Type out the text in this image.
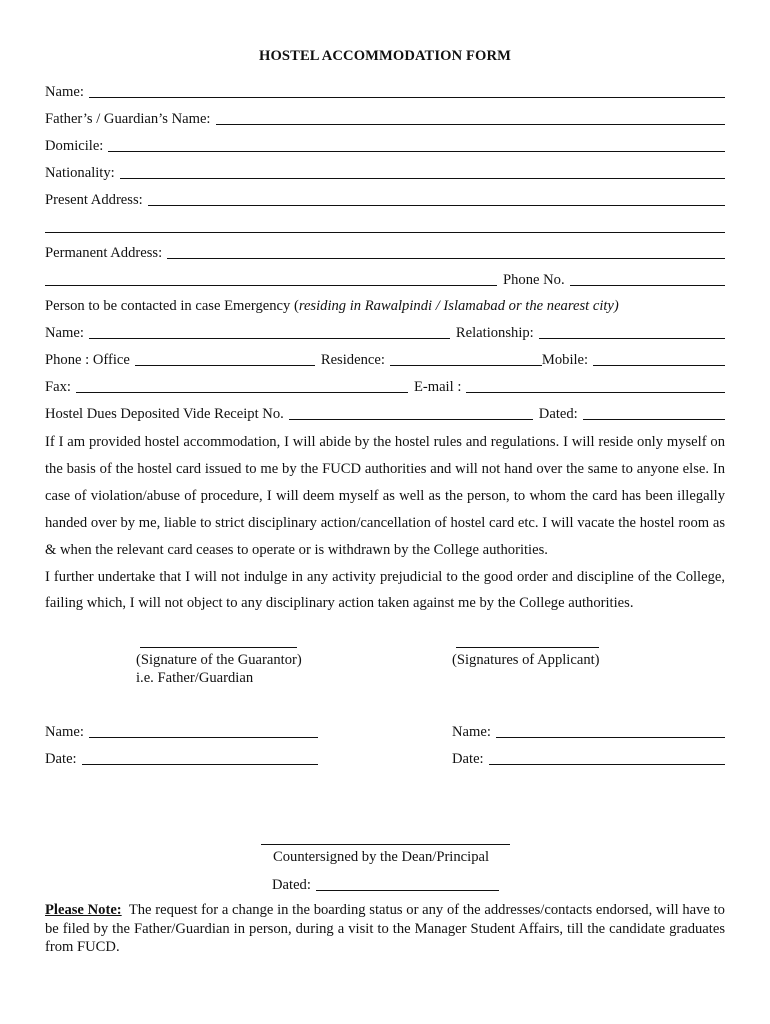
HOSTEL ACCOMMODATION FORM
Name:
Father’s / Guardian’s Name:
Domicile:
Nationality:
Present Address:
Permanent Address:
Phone No.
Person to be contacted in case Emergency ( residing in Rawalpindi / Islamabad or the nearest city)
Name:	Relationship:
Phone : Office	Residence:	Mobile:
Fax:	E-mail :
Hostel Dues Deposited Vide Receipt No.	Dated:

If I am provided hostel accommodation, I will abide by the hostel rules and regulations. I will reside only myself on the basis of the hostel card issued to me by the FUCD authorities and will not hand over the same to anyone else. In case of violation/abuse of procedure, I will deem myself as well as the person, to whom the card has been illegally handed over by me, liable to strict disciplinary action/cancellation of hostel card etc. I will vacate the hostel room as & when the relevant card ceases to operate or is withdrawn by the College authorities.

I further undertake that I will not indulge in any activity prejudicial to the good order and discipline of the College, failing which, I will not object to any disciplinary action taken against me by the College authorities.

(Signature of the Guarantor)
i.e. Father/Guardian
(Signatures of Applicant)
Name:
Date:
Name:
Date:
Countersigned by the Dean/Principal
Dated:
Please Note:  The request for a change in the boarding status or any of the addresses/contacts endorsed, will have to be filed by the Father/Guardian in person, during a visit to the Manager Student Affairs, till the candidate graduates from FUCD.
